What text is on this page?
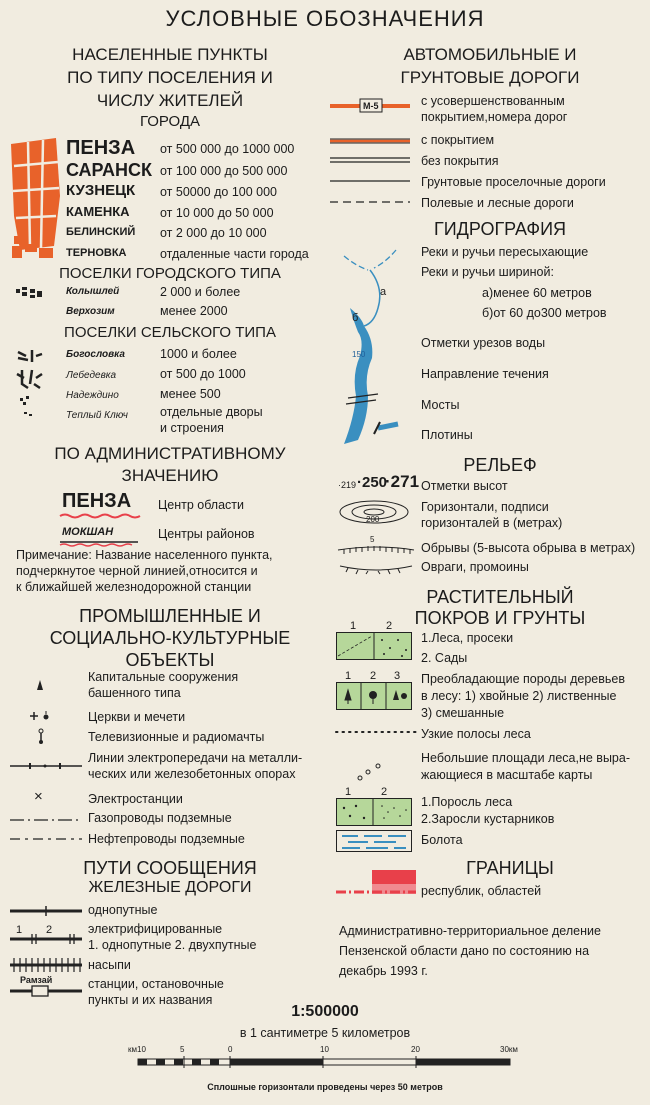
УСЛОВНЫЕ ОБОЗНАЧЕНИЯ
НАСЕЛЕННЫЕ ПУНКТЫ
ПО ТИПУ ПОСЕЛЕНИЯ И
ЧИСЛУ ЖИТЕЛЕЙ
ГОРОДА
ПЕНЗА от 500 000 до 1000 000
САРАНСК от 100 000 до 500 000
КУЗНЕЦК от 50000 до 100 000
КАМЕНКА от 10 000 до 50 000
БЕЛИНСКИЙ от 2 000 до 10 000
ТЕРНОВКА	отдаленные части города
ПОСЕЛКИ ГОРОДСКОГО ТИПА
Колышлей	2 000 и более
Верхозим	менее 2000
ПОСЕЛКИ СЕЛЬСКОГО ТИПА
Богословка	1000 и более
Лебедевка	от 500 до 1000
Надеждино	менее 500
Теплый Ключ	отдельные дворы
и строения
ПО АДМИНИСТРАТИВНОМУ
ЗНАЧЕНИЮ
ПЕНЗА Центр области
МОКШАН	Центры районов
Примечание: Название населенного пункта,
подчеркнутое черной линией,относится и
к ближайшей железнодорожной станции
ПРОМЫШЛЕННЫЕ И
СОЦИАЛЬНО-КУЛЬТУРНЫЕ
ОБЪЕКТЫ
Капитальные сооружения
башенного типа
Церкви и мечети
Телевизионные и радиомачты
Линии электропередачи на металли-
ческих или железобетонных опорах
×	Электростанции
Газопроводы подземные
Нефтепроводы подземные
ПУТИ СООБЩЕНИЯ
ЖЕЛЕЗНЫЕ ДОРОГИ
однопутные
1 2	электрифицированные
1. однопутные 2. двухпутные
насыпи
Рамзай	станции, остановочные
пункты и их названия
АВТОМОБИЛЬНЫЕ И
ГРУНТОВЫЕ ДОРОГИ
М-5	с усовершенствованным
покрытием,номера дорог
с покрытием
без покрытия
Грунтовые проселочные дороги
Полевые и лесные дороги
ГИДРОГРАФИЯ
а
б
150
Реки и ручьи пересыхающие
Реки и ручьи шириной:
а)менее 60 метров
б)от 60 до300 метров
Отметки урезов воды
Направление течения
Мосты
Плотины
РЕЛЬЕФ
·219 ·250
·271 Отметки высот
200
Горизонтали, подписи
горизонталей в (метрах)
5
Обрывы (5-высота обрыва в метрах)
Овраги, промоины
РАСТИТЕЛЬНЫЙ
ПОКРОВ И ГРУНТЫ
1	2
1.Леса, просеки
2. Сады
1 2 3 Преобладающие породы деревьев
в лесу: 1) хвойные 2) лиственные
3) смешанные
Узкие полосы леса
Небольшие площади леса,не выра-
жающиеся в масштабе карты
1	2
1.Поросль леса
2.Заросли кустарников
Болота
ГРАНИЦЫ
республик, областей
Административно-территориальное деление
Пензенской области дано по состоянию на
декабрь 1993 г.
1:500000
в 1 сантиметре 5 километров
км10	5	0	10	20	30км
Сплошные горизонтали проведены через 50 метров
